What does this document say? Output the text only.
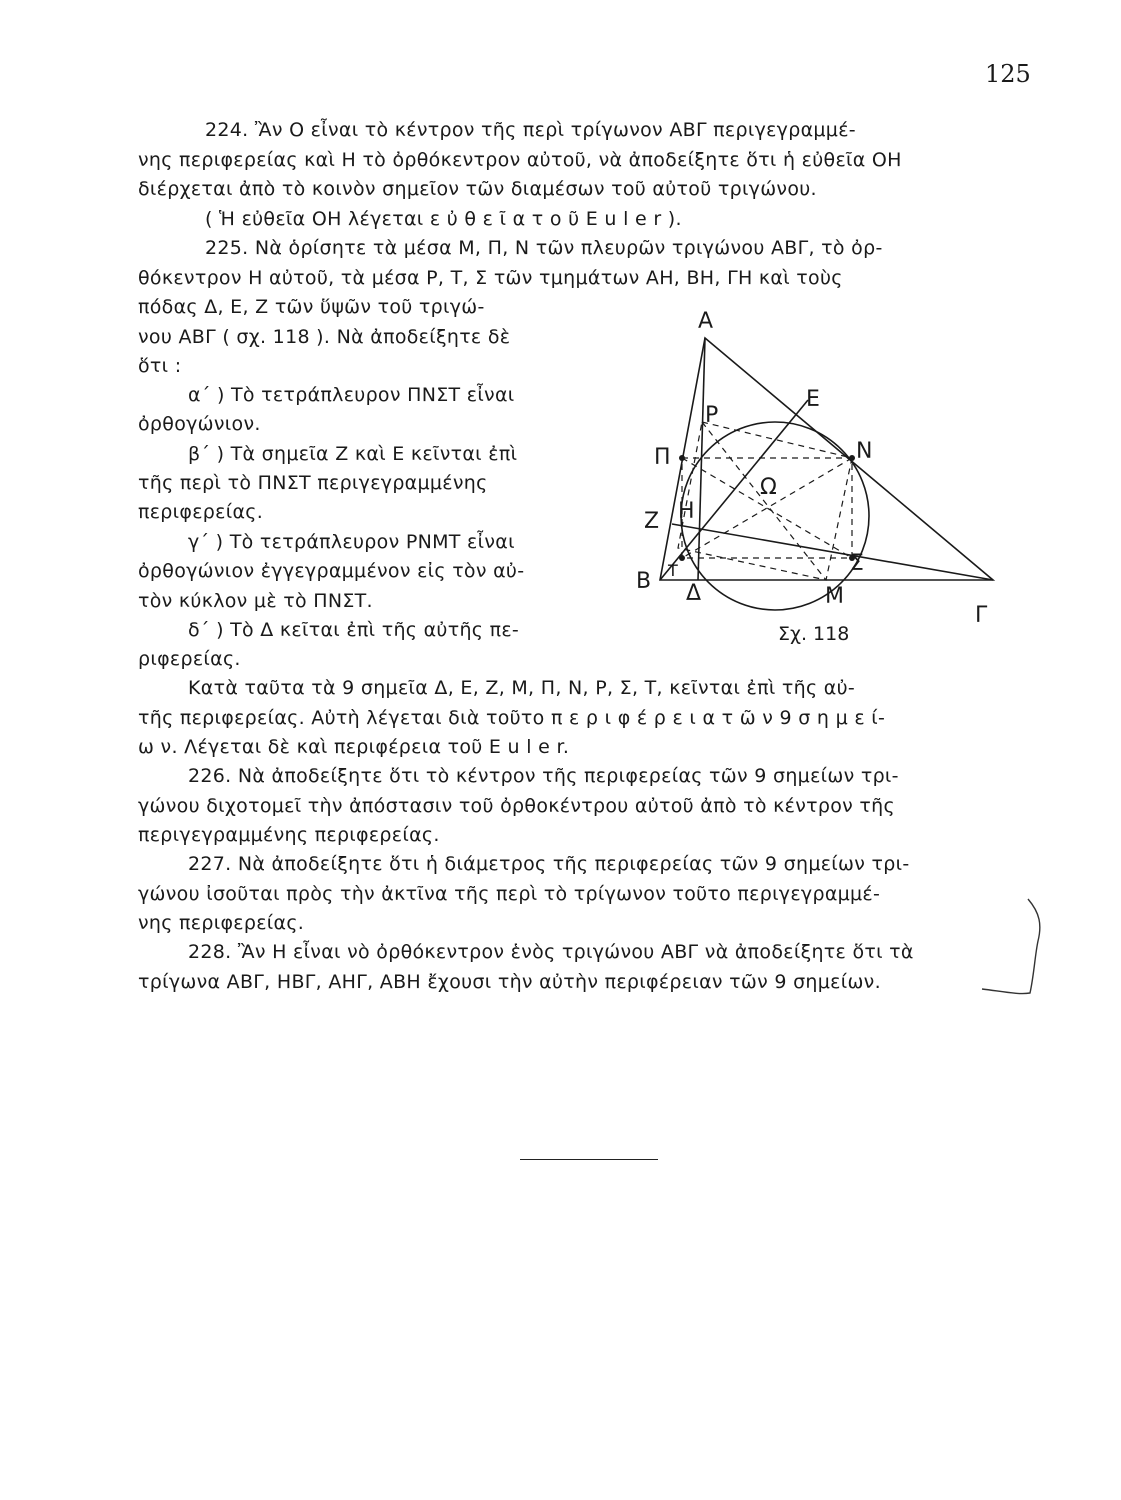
125
224. Ἂν Ο εἶναι τὸ κέντρον τῆς περὶ τρίγωνον ΑΒΓ περιγεγραμμέ-
νης περιφερείας καὶ Η τὸ ὀρθόκεντρον αὐτοῦ, νὰ ἀποδείξητε ὅτι ἡ εὐθεῖα ΟΗ
διέρχεται ἀπὸ τὸ κοινὸν σημεῖον τῶν διαμέσων τοῦ αὐτοῦ τριγώνου.
( Ἡ εὐθεῖα ΟΗ λέγεται ε ὐ θ ε ῖ α τ ο ῦ E u l e r ).
225. Νὰ ὁρίσητε τὰ μέσα Μ, Π, Ν τῶν πλευρῶν τριγώνου ΑΒΓ, τὸ ὀρ-
θόκεντρον Η αὐτοῦ, τὰ μέσα Ρ, Τ, Σ τῶν τμημάτων ΑΗ, ΒΗ, ΓΗ καὶ τοὺς
πόδας Δ, Ε, Ζ τῶν ὕψῶν τοῦ τριγώ-
νου ΑΒΓ ( σχ. 118 ). Νὰ ἀποδείξητε δὲ
ὅτι :
α΄ ) Τὸ τετράπλευρον ΠΝΣΤ εἶναι
ὀρθογώνιον.
β΄ ) Τὰ σημεῖα Ζ καὶ Ε κεῖνται ἐπὶ
τῆς περὶ τὸ ΠΝΣΤ περιγεγραμμένης
περιφερείας.
γ΄ ) Τὸ τετράπλευρον ΡΝΜΤ εἶναι
ὀρθογώνιον ἐγγεγραμμένον εἰς τὸν αὐ-
τὸν κύκλον μὲ τὸ ΠΝΣΤ.
δ΄ ) Τὸ Δ κεῖται ἐπὶ τῆς αὐτῆς πε-
ριφερείας.
Κατὰ ταῦτα τὰ 9 σημεῖα Δ, Ε, Ζ, Μ, Π, Ν, Ρ, Σ, Τ, κεῖνται ἐπὶ τῆς αὐ-
τῆς περιφερείας. Αὐτὴ λέγεται διὰ τοῦτο π ε ρ ι φ έ ρ ε ι α τ ῶ ν 9 σ η μ ε ί-
ω ν. Λέγεται δὲ καὶ περιφέρεια τοῦ E u l e r.
226. Νὰ ἀποδείξητε ὅτι τὸ κέντρον τῆς περιφερείας τῶν 9 σημείων τρι-
γώνου διχοτομεῖ τὴν ἀπόστασιν τοῦ ὀρθοκέντρου αὐτοῦ ἀπὸ τὸ κέντρον τῆς
περιγεγραμμένης περιφερείας.
227. Νὰ ἀποδείξητε ὅτι ἡ διάμετρος τῆς περιφερείας τῶν 9 σημείων τρι-
γώνου ἰσοῦται πρὸς τὴν ἀκτῖνα τῆς περὶ τὸ τρίγωνον τοῦτο περιγεγραμμέ-
νης περιφερείας.
228. Ἂν Η εἶναι νὸ ὀρθόκεντρον ἑνὸς τριγώνου ΑΒΓ νὰ ἀποδείξητε ὅτι τὰ
τρίγωνα ΑΒΓ, ΗΒΓ, ΑΗΓ, ΑΒΗ ἔχουσι τὴν αὐτὴν περιφέρειαν τῶν 9 σημείων.
Α
Β
Γ
Δ
Ε
Ζ Η
Μ
Ν
Π
Ρ
Σ
Ω
Τ
Σχ. 118
